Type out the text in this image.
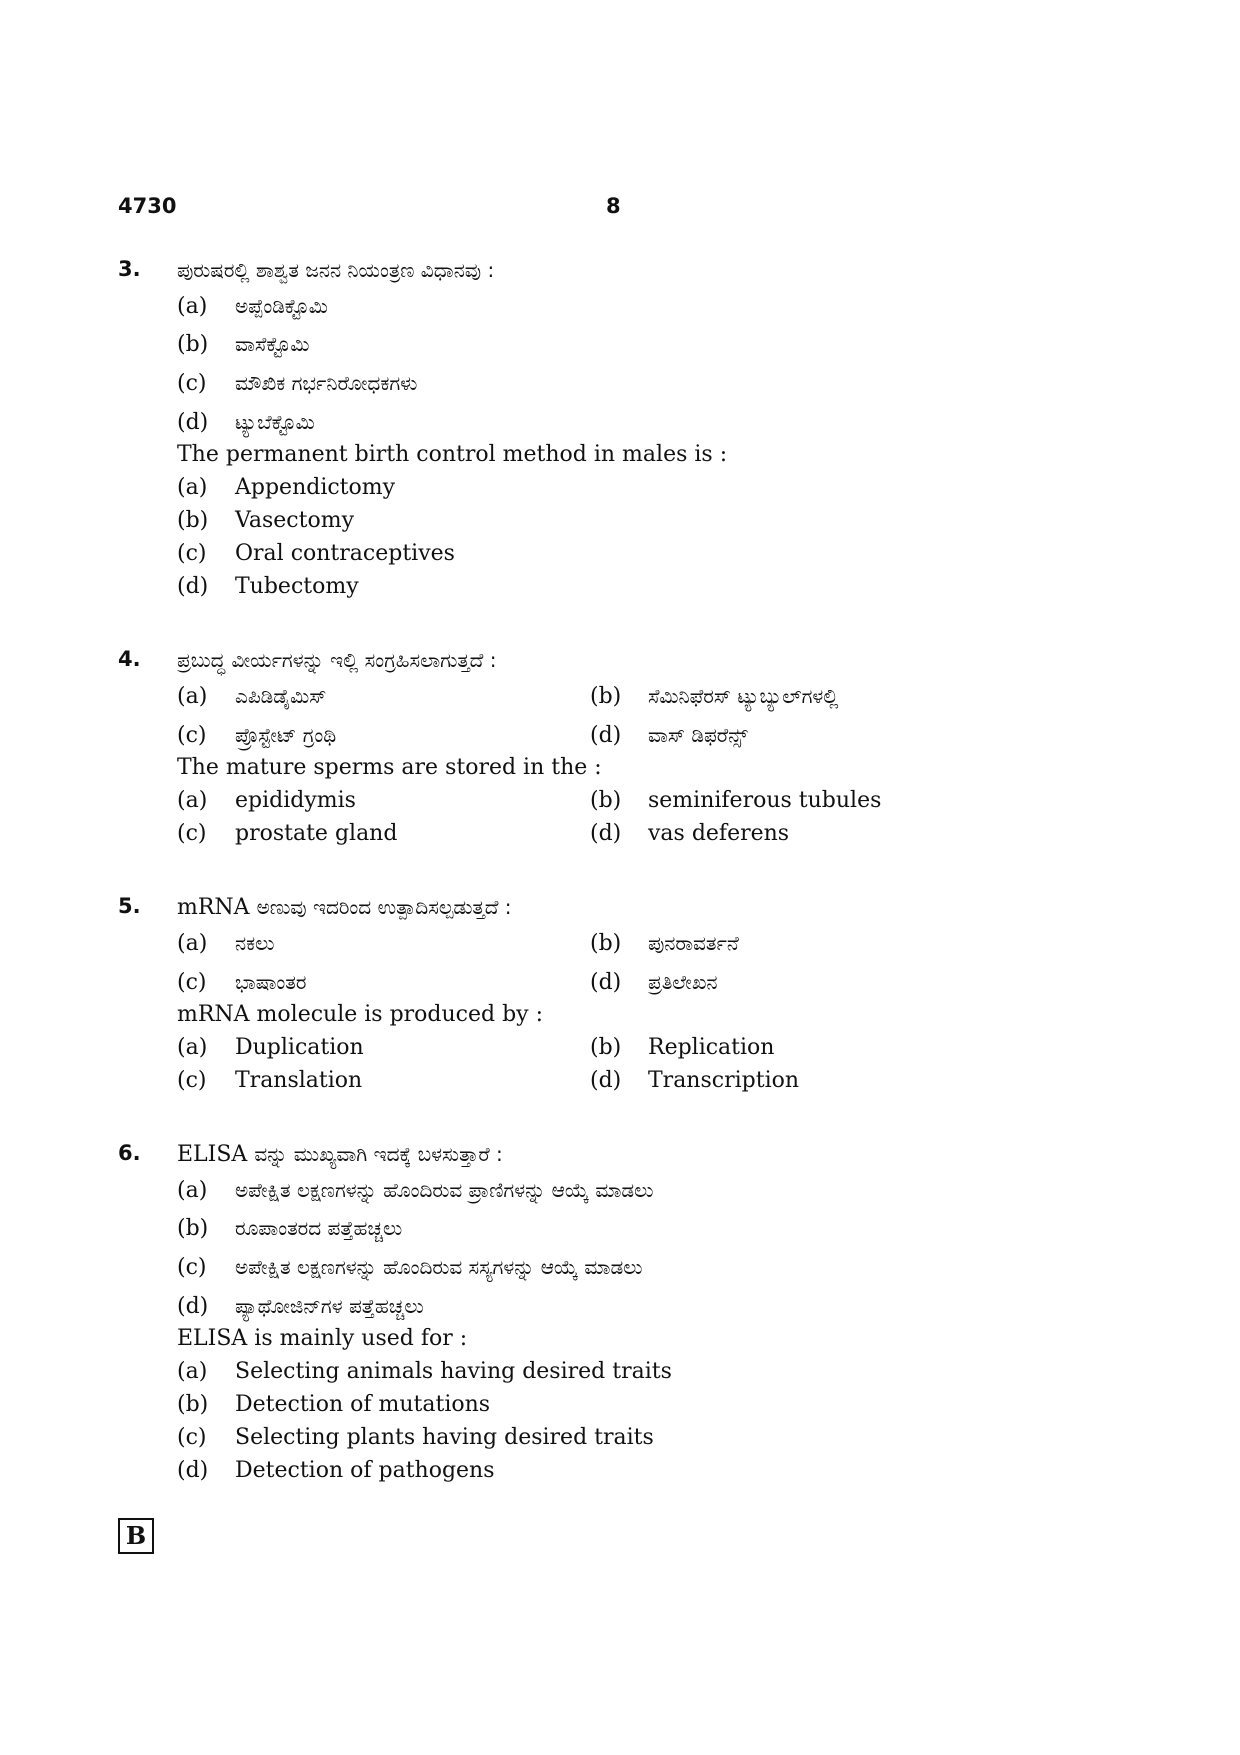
4730	8
3. ಪುರುಷರಲ್ಲಿ ಶಾಶ್ವತ ಜನನ ನಿಯಂತ್ರಣ ವಿಧಾನವು :
(a) ಅಪ್ಪೆಂಡಿಕ್ಟೊಮಿ
(b) ವಾಸೆಕ್ಟೊಮಿ
(c) ಮೌಖಿಕ ಗರ್ಭನಿರೋಧಕಗಳು
(d) ಟ್ಯುಬೆಕ್ಟೊಮಿ
The permanent birth control method in males is :
(a) Appendictomy
(b) Vasectomy
(c) Oral contraceptives
(d) Tubectomy
4. ಪ್ರಬುದ್ಧ ವೀರ್ಯಗಳನ್ನು ಇಲ್ಲಿ ಸಂಗ್ರಹಿಸಲಾಗುತ್ತದೆ :
(a) ಎಪಿಡಿಡೈಮಿಸ್	(b) ಸೆಮಿನಿಫೆರಸ್ ಟ್ಯುಬ್ಯುಲ್‌ಗಳಲ್ಲಿ
(c) ಪ್ರೊಸ್ಟೇಟ್ ಗ್ರಂಥಿ	(d) ವಾಸ್ ಡಿಫರೆನ್ಸ್
The mature sperms are stored in the :
(a) epididymis	(b) seminiferous tubules
(c) prostate gland	(d) vas deferens
5. mRNA ಅಣುವು ಇದರಿಂದ ಉತ್ಪಾದಿಸಲ್ಪಡುತ್ತದೆ :
(a) ನಕಲು	(b) ಪುನರಾವರ್ತನೆ
(c) ಭಾಷಾಂತರ	(d) ಪ್ರತಿಲೇಖನ
mRNA molecule is produced by :
(a) Duplication	(b) Replication
(c) Translation	(d) Transcription
6. ELISA ವನ್ನು ಮುಖ್ಯವಾಗಿ ಇದಕ್ಕೆ ಬಳಸುತ್ತಾರೆ :
(a) ಅಪೇಕ್ಷಿತ ಲಕ್ಷಣಗಳನ್ನು ಹೊಂದಿರುವ ಪ್ರಾಣಿಗಳನ್ನು ಆಯ್ಕೆ ಮಾಡಲು
(b) ರೂಪಾಂತರದ ಪತ್ತೆಹಚ್ಚಲು
(c) ಅಪೇಕ್ಷಿತ ಲಕ್ಷಣಗಳನ್ನು ಹೊಂದಿರುವ ಸಸ್ಯಗಳನ್ನು ಆಯ್ಕೆ ಮಾಡಲು
(d) ಪ್ಯಾಥೋಜಿನ್‌ಗಳ ಪತ್ತೆಹಚ್ಚಲು
ELISA is mainly used for :
(a) Selecting animals having desired traits
(b) Detection of mutations
(c) Selecting plants having desired traits
(d) Detection of pathogens
B
